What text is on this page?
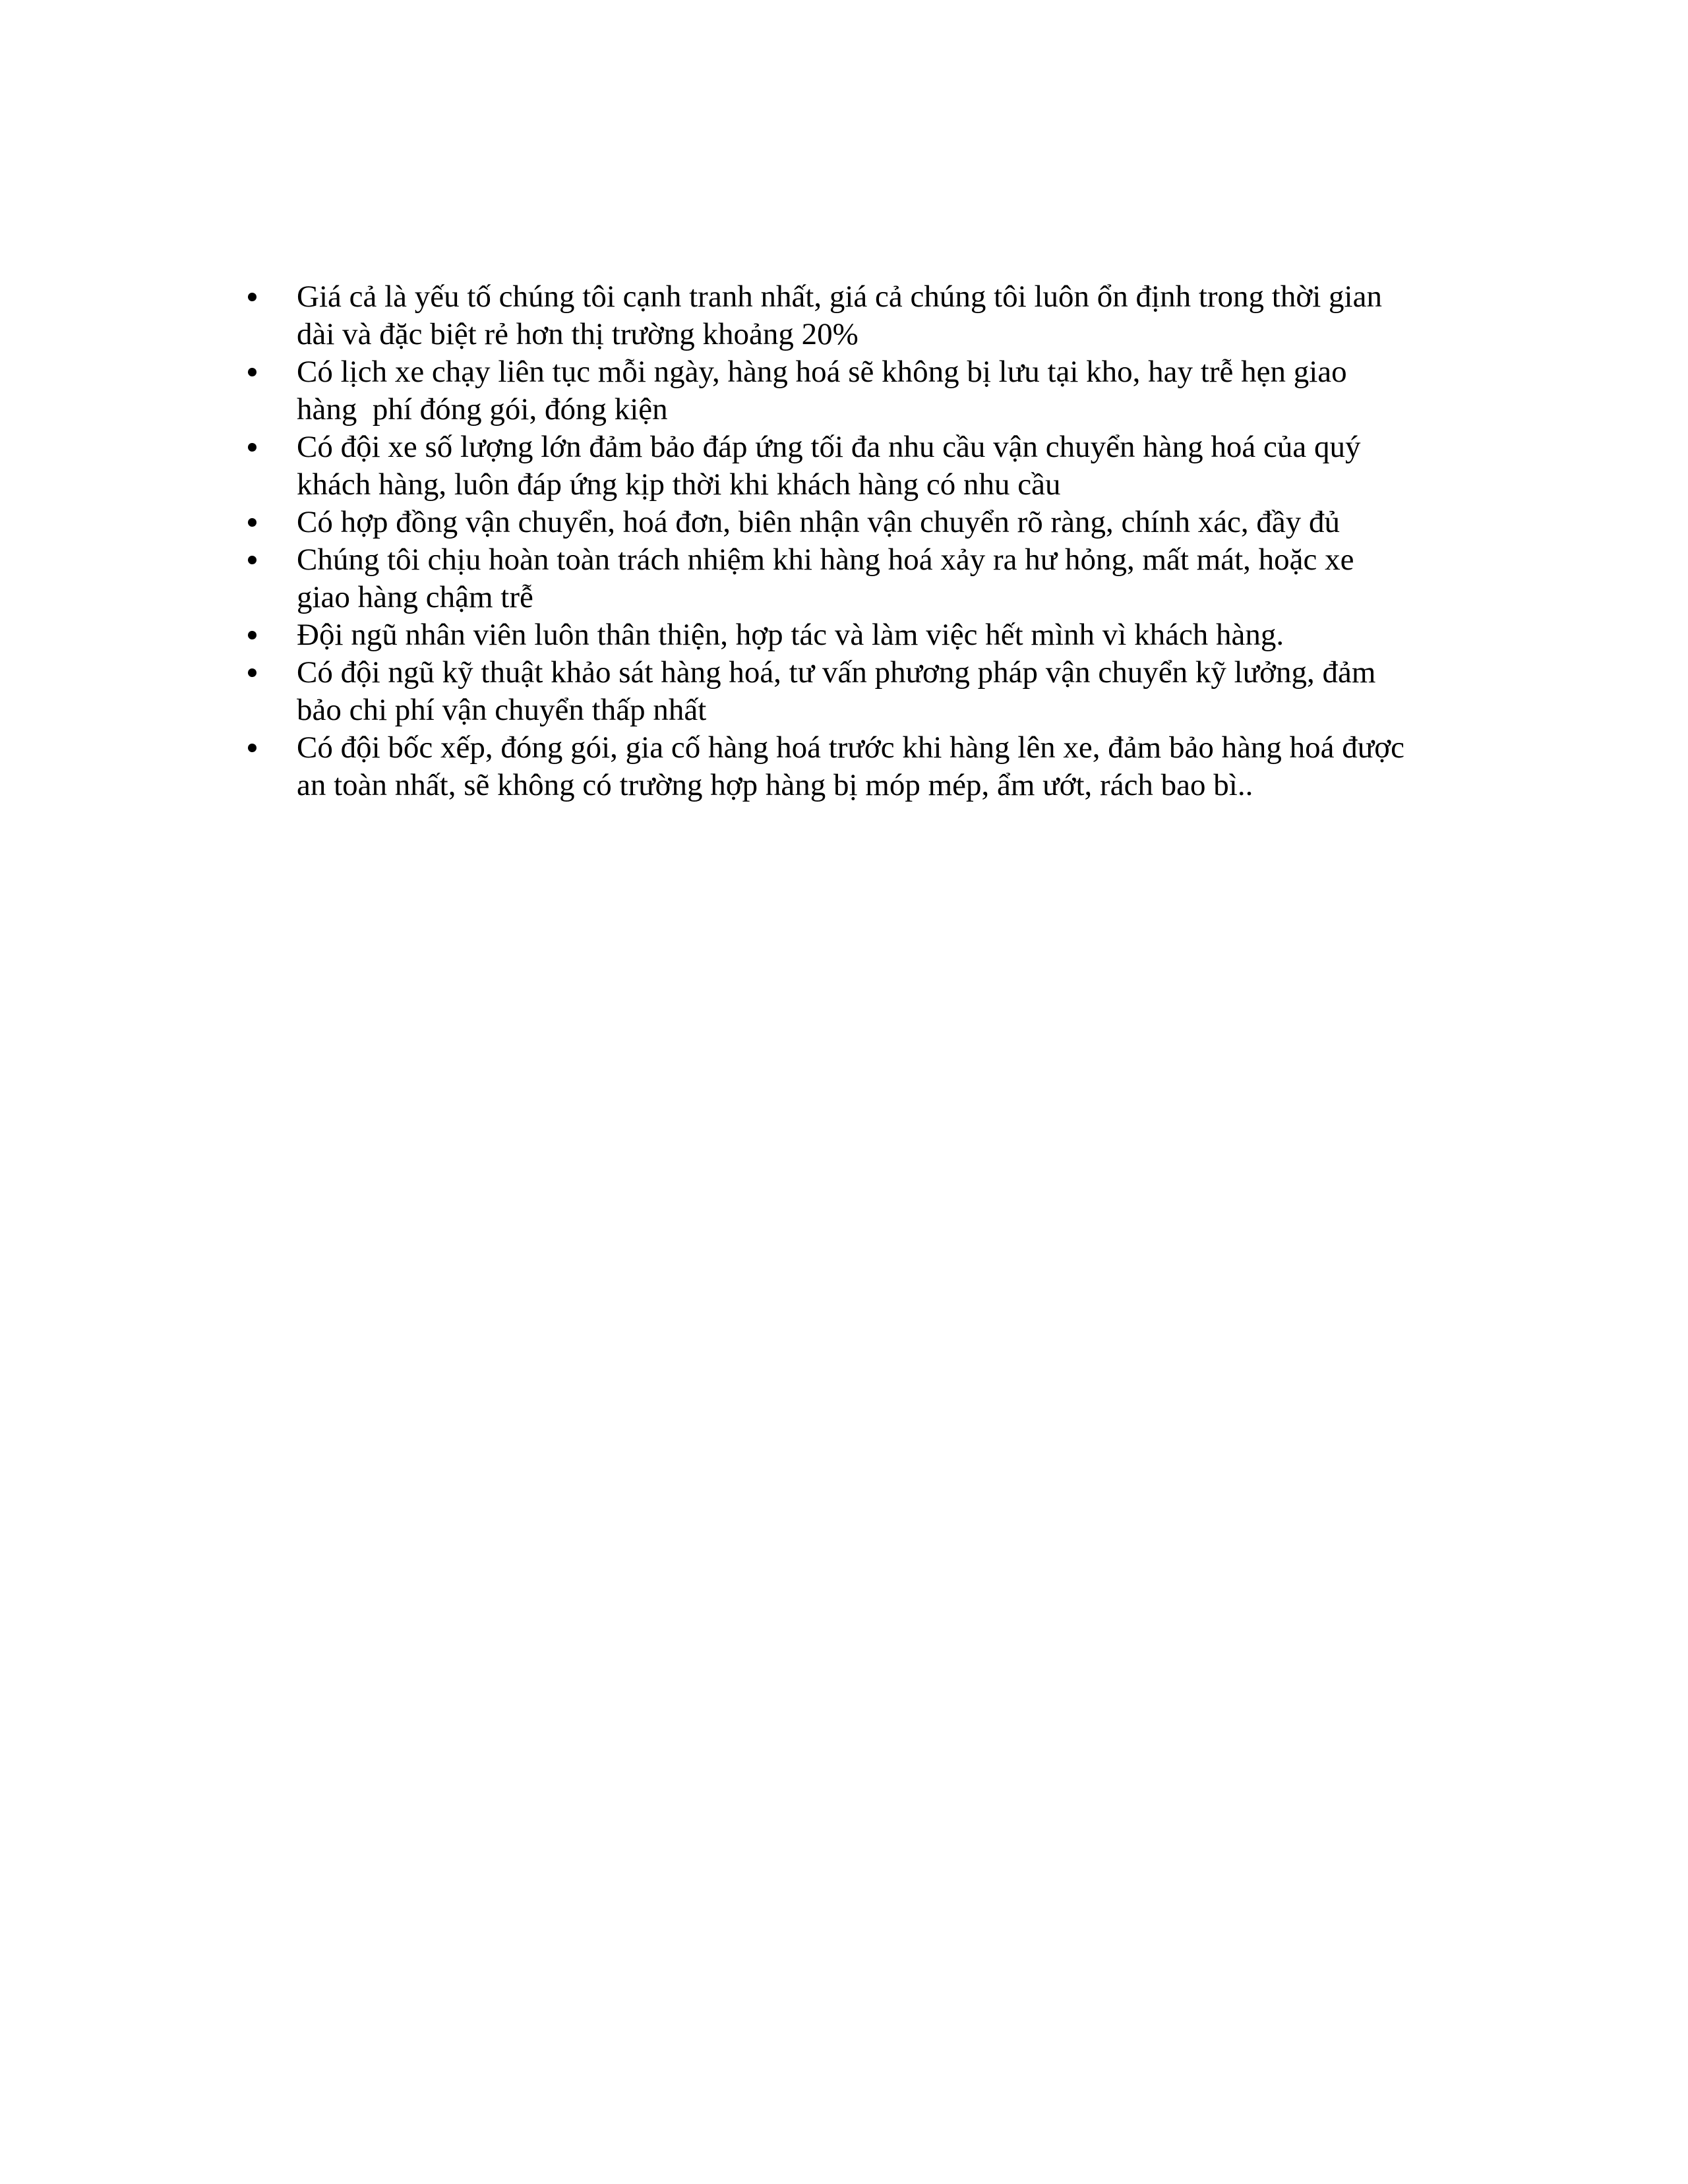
Giá cả là yếu tố chúng tôi cạnh tranh nhất, giá cả chúng tôi luôn ổn định trong thời gian
dài và đặc biệt rẻ hơn thị trường khoảng 20%
Có lịch xe chạy liên tục mỗi ngày, hàng hoá sẽ không bị lưu tại kho, hay trễ hẹn giao
hàng  phí đóng gói, đóng kiện
Có đội xe số lượng lớn đảm bảo đáp ứng tối đa nhu cầu vận chuyển hàng hoá của quý
khách hàng, luôn đáp ứng kịp thời khi khách hàng có nhu cầu
Có hợp đồng vận chuyển, hoá đơn, biên nhận vận chuyển rõ ràng, chính xác, đầy đủ
Chúng tôi chịu hoàn toàn trách nhiệm khi hàng hoá xảy ra hư hỏng, mất mát, hoặc xe
giao hàng chậm trễ
Đội ngũ nhân viên luôn thân thiện, hợp tác và làm việc hết mình vì khách hàng.
Có đội ngũ kỹ thuật khảo sát hàng hoá, tư vấn phương pháp vận chuyển kỹ lưởng, đảm
bảo chi phí vận chuyển thấp nhất
Có đội bốc xếp, đóng gói, gia cố hàng hoá trước khi hàng lên xe, đảm bảo hàng hoá được
an toàn nhất, sẽ không có trường hợp hàng bị móp mép, ẩm ướt, rách bao bì..
